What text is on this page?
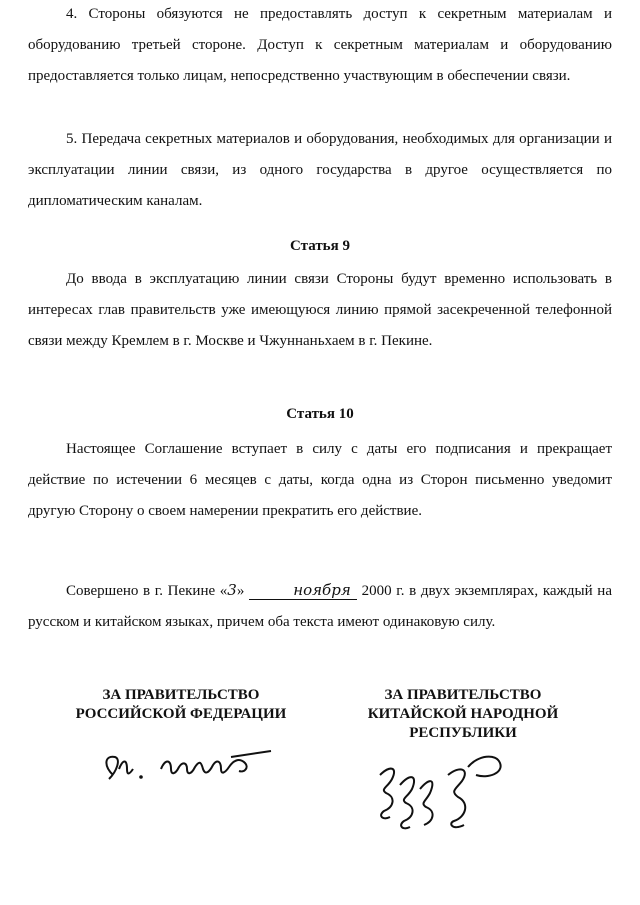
4. Стороны обязуются не предоставлять доступ к секретным материалам и оборудованию третьей стороне. Доступ к секретным материалам и оборудованию предоставляется только лицам, непосредственно участвующим в обеспечении связи.

5. Передача секретных материалов и оборудования, необходимых для организации и эксплуатации линии связи, из одного государства в другое осуществляется по дипломатическим каналам.

Статья 9

До ввода в эксплуатацию линии связи Стороны будут временно использовать в интересах глав правительств уже имеющуюся линию прямой засекреченной телефонной связи между Кремлем в г. Москве и Чжуннаньхаем в г. Пекине.

Статья 10

Настоящее Соглашение вступает в силу с даты его подписания и прекращает действие по истечении 6 месяцев с даты, когда одна из Сторон письменно уведомит другую Сторону о своем намерении прекратить его действие.

Совершено в г. Пекине «3»	ноября 2000 г. в двух экземплярах, каждый на русском и китайском языках, причем оба текста имеют одинаковую силу.

ЗА ПРАВИТЕЛЬСТВО
РОССИЙСКОЙ ФЕДЕРАЦИИ
ЗА ПРАВИТЕЛЬСТВО
КИТАЙСКОЙ НАРОДНОЙ
РЕСПУБЛИКИ
